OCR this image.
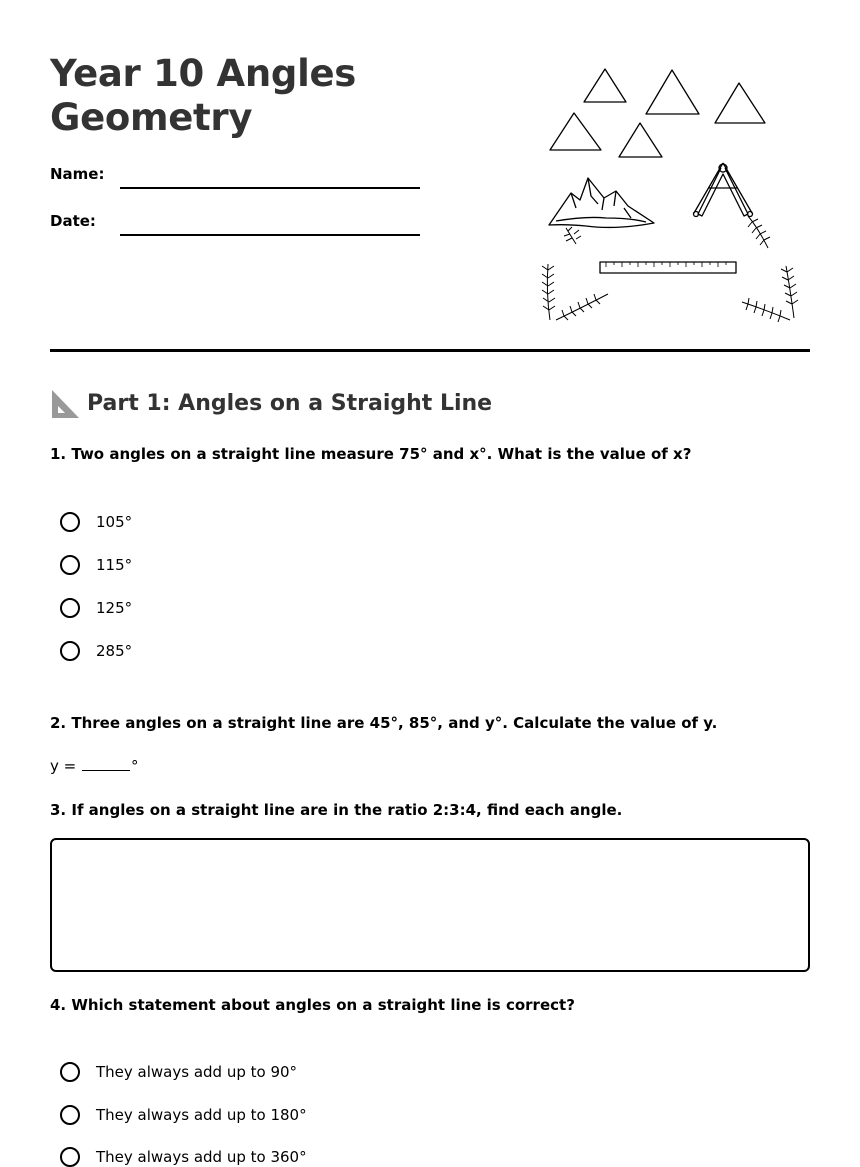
Year 10 Angles
Geometry
Name:
Date:
Part 1: Angles on a Straight Line
1. Two angles on a straight line measure 75° and x°. What is the value of x?
105°
115°
125°
285°
2. Three angles on a straight line are 45°, 85°, and y°. Calculate the value of y.
y =	°
3. If angles on a straight line are in the ratio 2:3:4, find each angle.
4. Which statement about angles on a straight line is correct?
They always add up to 90°
They always add up to 180°
They always add up to 360°
